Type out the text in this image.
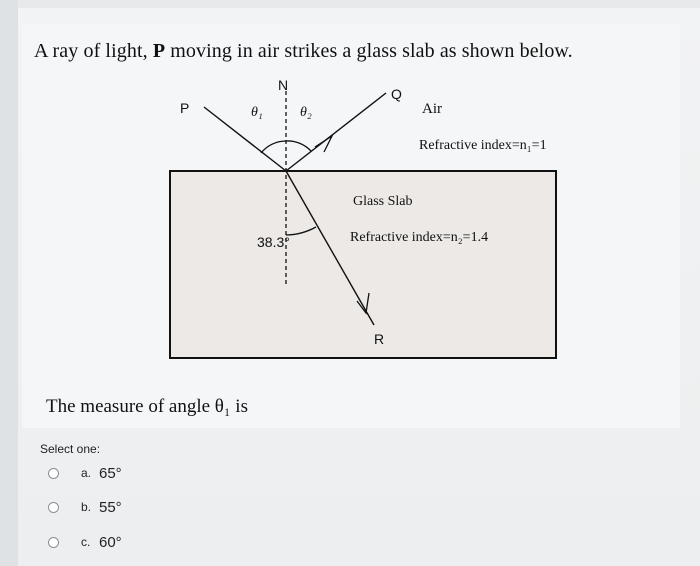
A ray of light, P moving in air strikes a glass slab as shown below.
N
P
Q
θ₁	θ₂	Air
Refractive index=n₁=1
Glass Slab
Refractive index=n₂=1.4
38.3°
R
The measure of angle θ₁ is
Select one:
a. 65°
b. 55°
c. 60°
